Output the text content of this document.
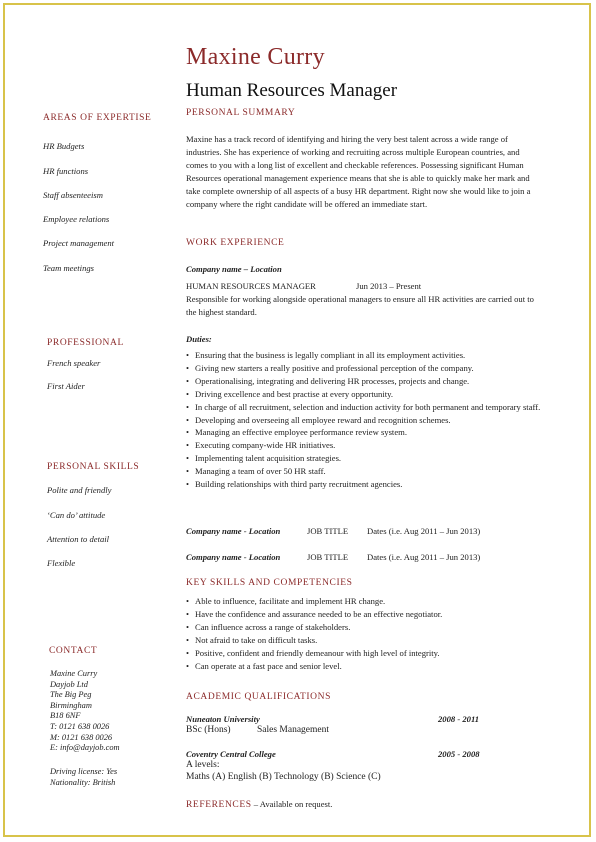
AREAS OF EXPERTISE
HR Budgets
HR functions
Staff absenteeism
Employee relations
Project management
Team meetings
PROFESSIONAL
French speaker
First Aider
PERSONAL SKILLS
Polite and friendly
‘Can do’ attitude
Attention to detail
Flexible
CONTACT
Maxine Curry
Dayjob Ltd
The Big Peg
Birmingham
B18 6NF
T: 0121 638 0026
M: 0121 638 0026
E: info@dayjob.com
Driving license: Yes
Nationality: British
Maxine Curry
Human Resources Manager
PERSONAL SUMMARY
Maxine has a track record of identifying and hiring the very best talent across a wide range of industries. She has experience of working and recruiting across multiple European countries, and comes to you with a long list of excellent and checkable references. Possessing significant Human Resources operational management experience means that she is able to quickly make her mark and take complete ownership of all aspects of a busy HR department. Right now she would like to join a company where the right candidate will be offered an immediate start.
WORK EXPERIENCE
Company name – Location
HUMAN RESOURCES MANAGER	Jun 2013 – Present
Responsible for working alongside operational managers to ensure all HR activities are carried out to the highest standard.
Duties:
• Ensuring that the business is legally compliant in all its employment activities.
• Giving new starters a really positive and professional perception of the company.
• Operationalising, integrating and delivering HR processes, projects and change.
• Driving excellence and best practise at every opportunity.
• In charge of all recruitment, selection and induction activity for both permanent and temporary staff.
• Developing and overseeing all employee reward and recognition schemes.
• Managing an effective employee performance review system.
• Executing company-wide HR initiatives.
• Implementing talent acquisition strategies.
• Managing a team of over 50 HR staff.
• Building relationships with third party recruitment agencies.
Company name - Location	JOB TITLE Dates (i.e. Aug 2011 – Jun 2013)
Company name - Location	JOB TITLE Dates (i.e. Aug 2011 – Jun 2013)
KEY SKILLS AND COMPETENCIES
• Able to influence, facilitate and implement HR change.
• Have the confidence and assurance needed to be an effective negotiator.
• Can influence across a range of stakeholders.
• Not afraid to take on difficult tasks.
• Positive, confident and friendly demeanour with high level of integrity.
• Can operate at a fast pace and senior level.
ACADEMIC QUALIFICATIONS
Nuneaton University	2008 - 2011
BSc (Hons)	Sales Management
Coventry Central College	2005 - 2008
A levels:
Maths (A) English (B) Technology (B) Science (C)
REFERENCES – Available on request.
